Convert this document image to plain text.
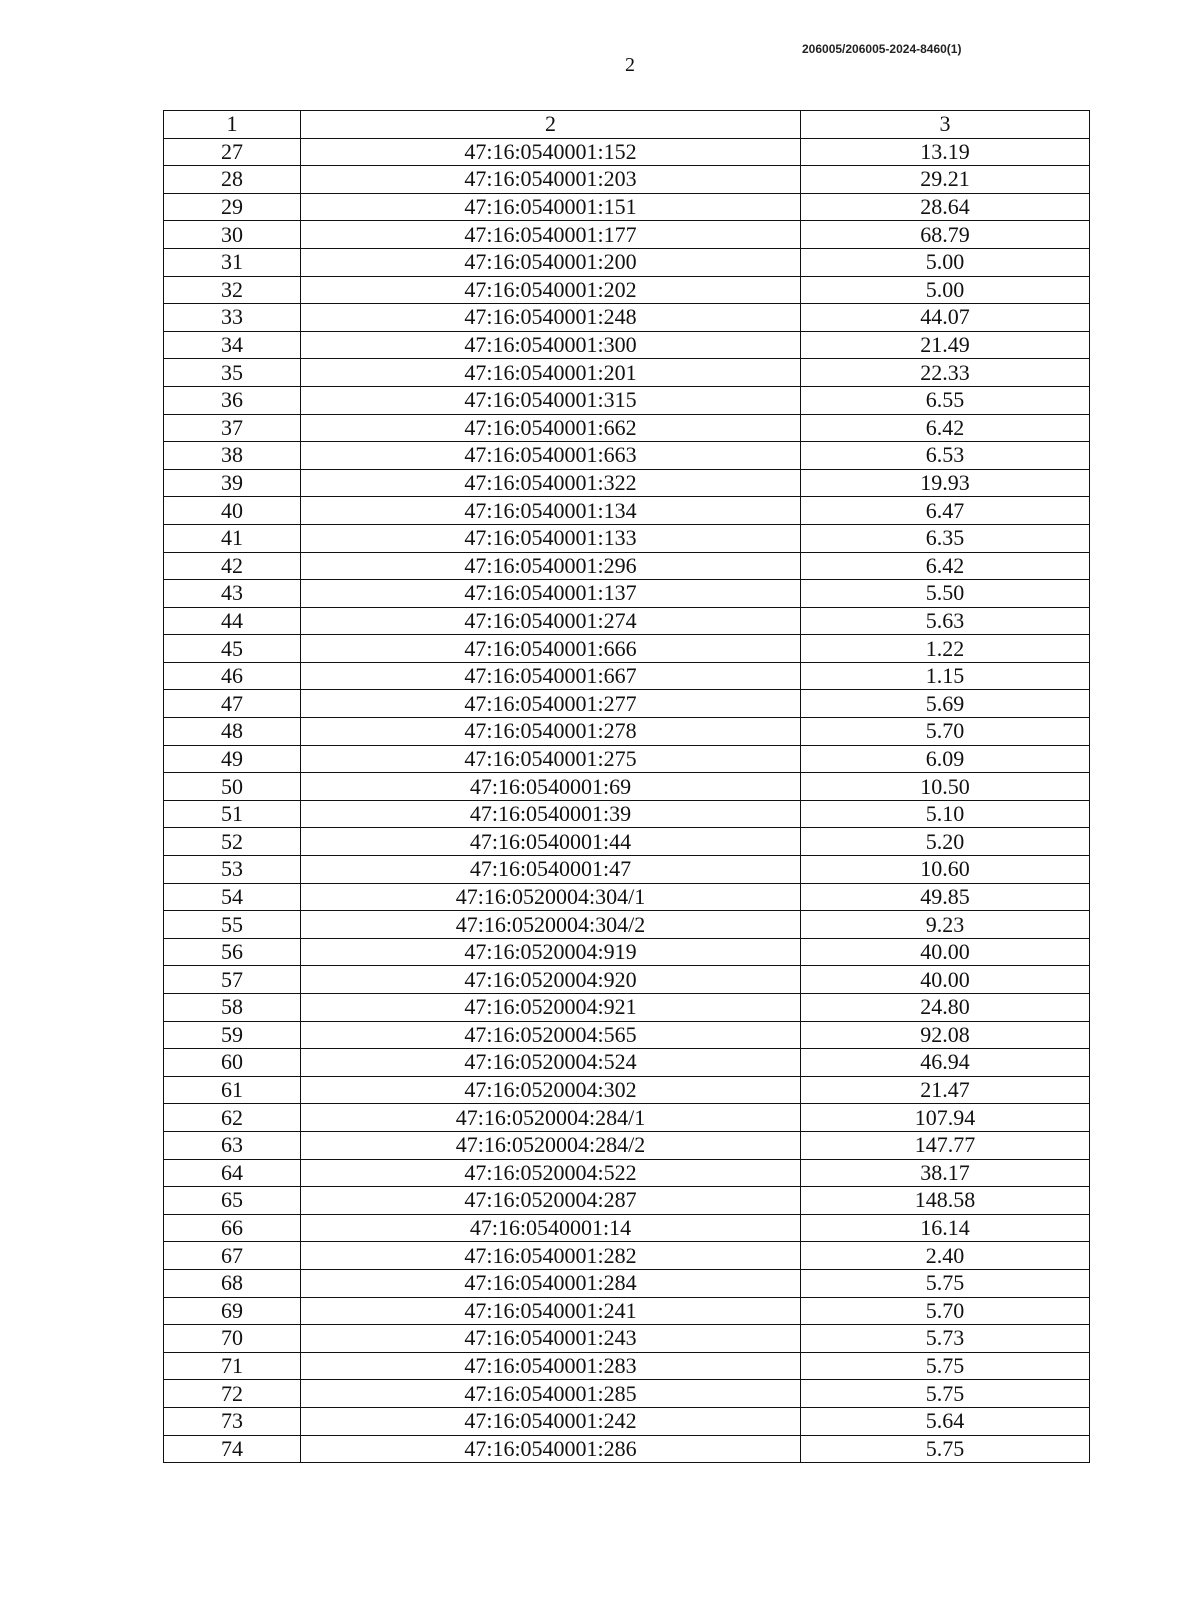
206005/206005-2024-8460(1)
2
1	2	3
27	47:16:0540001:152	13.19
28	47:16:0540001:203	29.21
29	47:16:0540001:151	28.64
30	47:16:0540001:177	68.79
31	47:16:0540001:200	5.00
32	47:16:0540001:202	5.00
33	47:16:0540001:248	44.07
34	47:16:0540001:300	21.49
35	47:16:0540001:201	22.33
36	47:16:0540001:315	6.55
37	47:16:0540001:662	6.42
38	47:16:0540001:663	6.53
39	47:16:0540001:322	19.93
40	47:16:0540001:134	6.47
41	47:16:0540001:133	6.35
42	47:16:0540001:296	6.42
43	47:16:0540001:137	5.50
44	47:16:0540001:274	5.63
45	47:16:0540001:666	1.22
46	47:16:0540001:667	1.15
47	47:16:0540001:277	5.69
48	47:16:0540001:278	5.70
49	47:16:0540001:275	6.09
50	47:16:0540001:69	10.50
51	47:16:0540001:39	5.10
52	47:16:0540001:44	5.20
53	47:16:0540001:47	10.60
54	47:16:0520004:304/1	49.85
55	47:16:0520004:304/2	9.23
56	47:16:0520004:919	40.00
57	47:16:0520004:920	40.00
58	47:16:0520004:921	24.80
59	47:16:0520004:565	92.08
60	47:16:0520004:524	46.94
61	47:16:0520004:302	21.47
62	47:16:0520004:284/1	107.94
63	47:16:0520004:284/2	147.77
64	47:16:0520004:522	38.17
65	47:16:0520004:287	148.58
66	47:16:0540001:14	16.14
67	47:16:0540001:282	2.40
68	47:16:0540001:284	5.75
69	47:16:0540001:241	5.70
70	47:16:0540001:243	5.73
71	47:16:0540001:283	5.75
72	47:16:0540001:285	5.75
73	47:16:0540001:242	5.64
74	47:16:0540001:286	5.75
